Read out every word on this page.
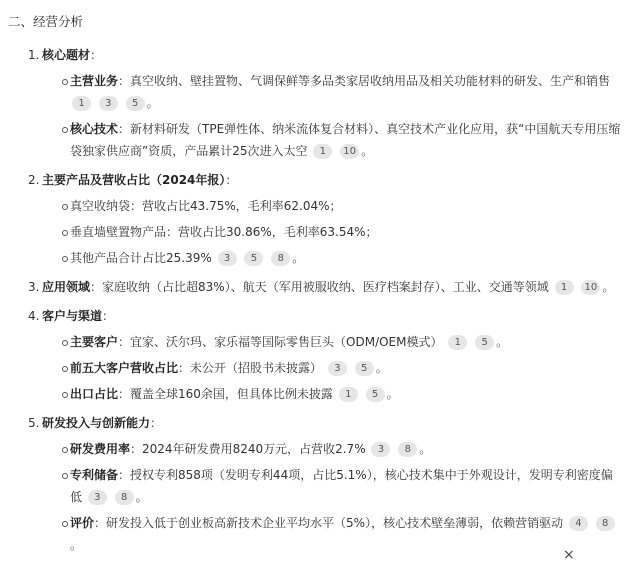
二、经营分析
1. 核心题材：
主营业务：真空收纳、壁挂置物、气调保鲜等多品类家居收纳用品及相关功能材料的研发、生产和销售 1 3 5 。
核心技术：新材料研发（TPE弹性体、纳米流体复合材料）、真空技术产业化应用，获“中国航天专用压缩袋独家供应商”资质，产品累计25次进入太空 1 10 。
2. 主要产品及营收占比（2024年报）：
真空收纳袋：营收占比43.75%，毛利率62.04%；
垂直墙壁置物产品：营收占比30.86%，毛利率63.54%；
其他产品合计占比25.39% 3 5 8 。
3. 应用领域：家庭收纳（占比超83%）、航天（军用被服收纳、医疗档案封存）、工业、交通等领域 1 10 。
4. 客户与渠道：
主要客户：宜家、沃尔玛、家乐福等国际零售巨头（ODM/OEM模式） 1 5 。
前五大客户营收占比：未公开（招股书未披露） 3 5 。
出口占比：覆盖全球160余国，但具体比例未披露 1 5 。
5. 研发投入与创新能力：
研发费用率：2024年研发费用8240万元，占营收2.7% 3 8 。
专利储备：授权专利858项（发明专利44项，占比5.1%），核心技术集中于外观设计，发明专利密度偏低 3 8 。
评价：研发投入低于创业板高新技术企业平均水平（5%），核心技术壁垒薄弱，依赖营销驱动 4 8。
×
